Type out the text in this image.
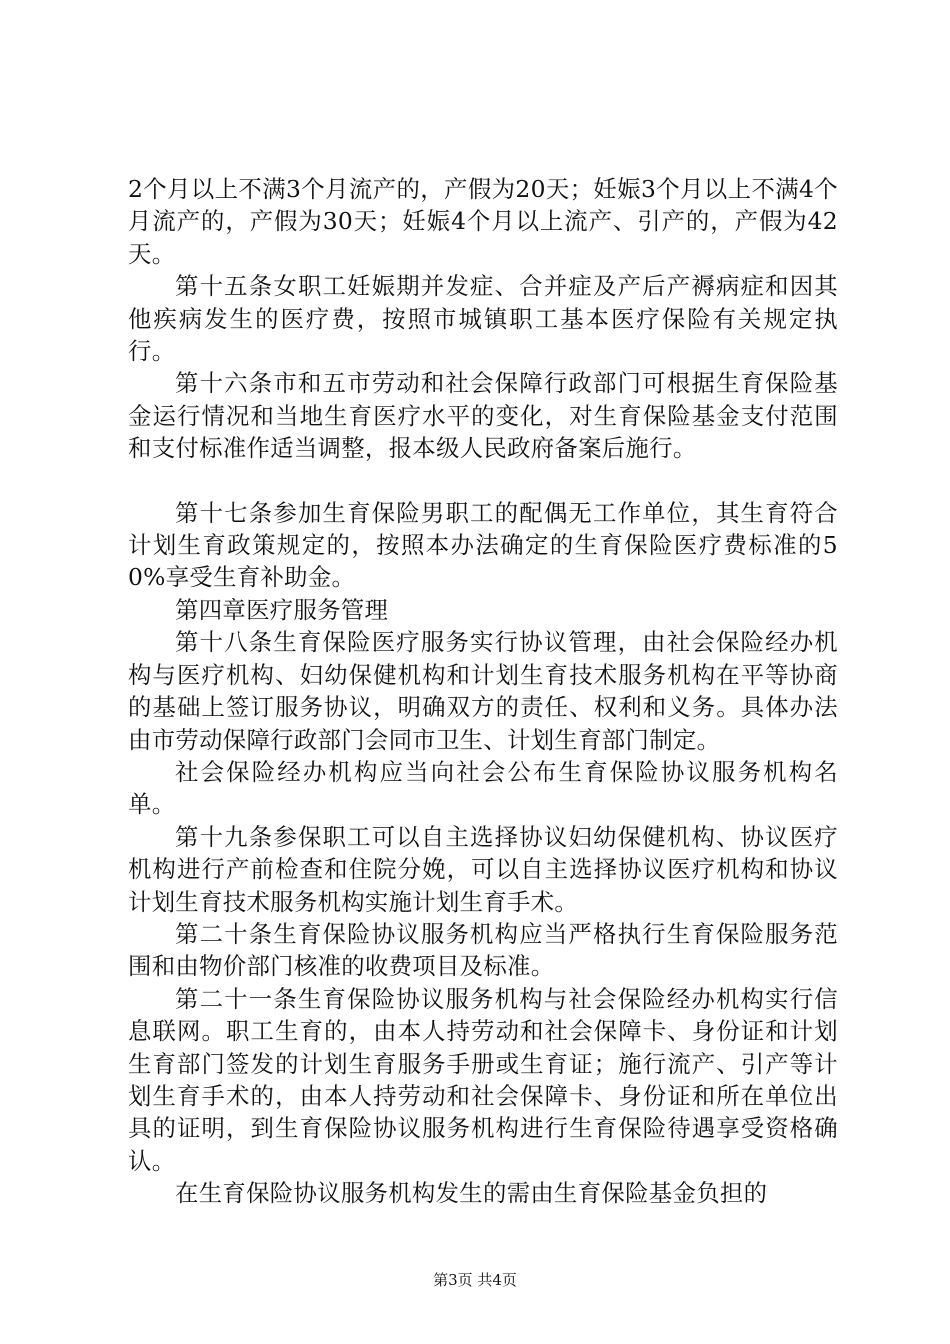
2个月以上不满3个月流产的，产假为20天；妊娠3个月以上不满4个月流产的，产假为30天；妊娠4个月以上流产、引产的，产假为42天。

第十五条女职工妊娠期并发症、合并症及产后产褥病症和因其他疾病发生的医疗费，按照市城镇职工基本医疗保险有关规定执行。

第十六条市和五市劳动和社会保障行政部门可根据生育保险基金运行情况和当地生育医疗水平的变化，对生育保险基金支付范围和支付标准作适当调整，报本级人民政府备案后施行。

第十七条参加生育保险男职工的配偶无工作单位，其生育符合计划生育政策规定的，按照本办法确定的生育保险医疗费标准的50%享受生育补助金。

第四章医疗服务管理

第十八条生育保险医疗服务实行协议管理，由社会保险经办机构与医疗机构、妇幼保健机构和计划生育技术服务机构在平等协商的基础上签订服务协议，明确双方的责任、权利和义务。具体办法由市劳动保障行政部门会同市卫生、计划生育部门制定。

社会保险经办机构应当向社会公布生育保险协议服务机构名单。

第十九条参保职工可以自主选择协议妇幼保健机构、协议医疗机构进行产前检查和住院分娩，可以自主选择协议医疗机构和协议计划生育技术服务机构实施计划生育手术。

第二十条生育保险协议服务机构应当严格执行生育保险服务范围和由物价部门核准的收费项目及标准。

第二十一条生育保险协议服务机构与社会保险经办机构实行信息联网。职工生育的，由本人持劳动和社会保障卡、身份证和计划生育部门签发的计划生育服务手册或生育证；施行流产、引产等计划生育手术的，由本人持劳动和社会保障卡、身份证和所在单位出具的证明，到生育保险协议服务机构进行生育保险待遇享受资格确认。

在生育保险协议服务机构发生的需由生育保险基金负担的

第3页 共4页
